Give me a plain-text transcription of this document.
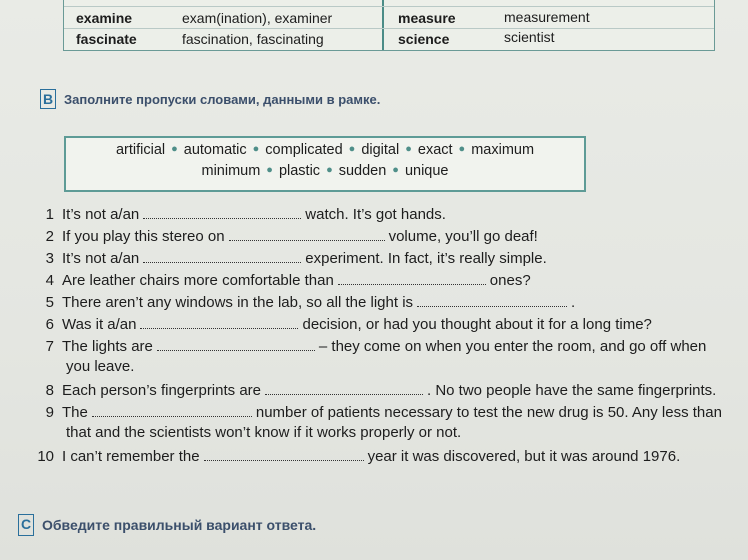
examine	exam(ination), examiner	measure	measurement
fascinate	fascination, fascinating	science	scientist
B Заполните пропуски словами, данными в рамке.
artificial ● automatic ● complicated ● digital ● exact ● maximum
minimum ● plastic ● sudden ● unique
1 It’s not a/an	watch. It’s got hands.
2 If you play this stereo on	volume, you’ll go deaf!
3 It’s not a/an	experiment. In fact, it’s really simple.
4 Are leather chairs more comfortable than	ones?
5 There aren’t any windows in the lab, so all the light is	.
6 Was it a/an	decision, or had you thought about it for a long time?
7 The lights are	– they come on when you enter the room, and go off when
you leave.
8 Each person’s fingerprints are	. No two people have the same fingerprints.
9 The	number of patients necessary to test the new drug is 50. Any less than
that and the scientists won’t know if it works properly or not.
10 I can’t remember the	year it was discovered, but it was around 1976.
C Обведите правильный вариант ответа.
